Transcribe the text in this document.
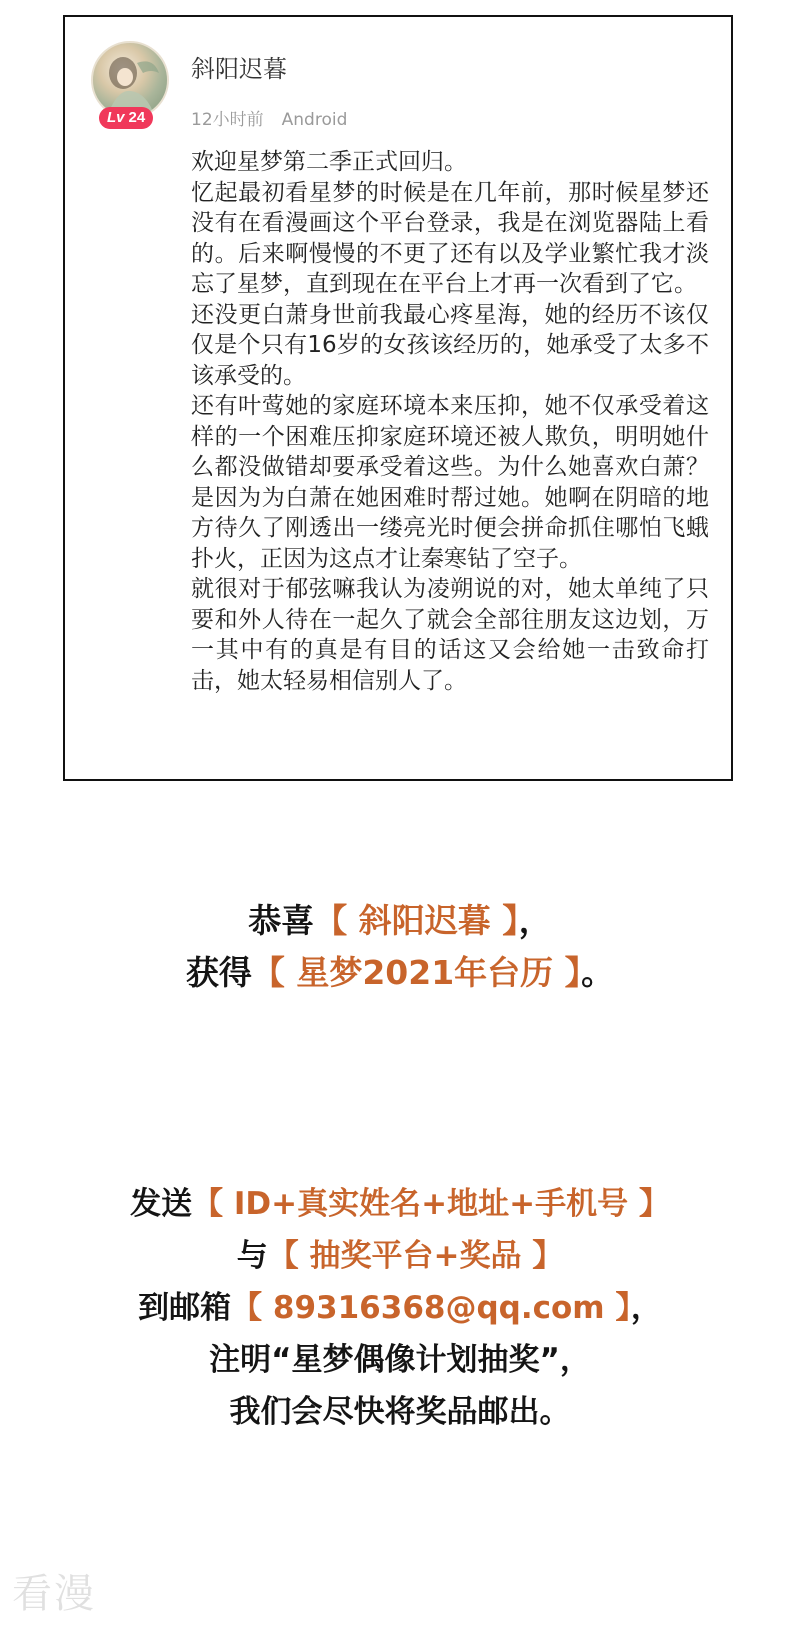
Lv 24
斜阳迟暮
12小时前 Android

欢迎星梦第二季正式回归。

忆起最初看星梦的时候是在几年前，那时候星梦还没有在看漫画这个平台登录，我是在浏览器陆上看的。后来啊慢慢的不更了还有以及学业繁忙我才淡忘了星梦，直到现在在平台上才再一次看到了它。

还没更白萧身世前我最心疼星海，她的经历不该仅仅是个只有16岁的女孩该经历的，她承受了太多不该承受的。

还有叶莺她的家庭环境本来压抑，她不仅承受着这样的一个困难压抑家庭环境还被人欺负，明明她什么都没做错却要承受着这些。为什么她喜欢白萧？是因为为白萧在她困难时帮过她。她啊在阴暗的地方待久了刚透出一缕亮光时便会拼命抓住哪怕飞蛾扑火，正因为这点才让秦寒钻了空子。

就很对于郁弦嘛我认为凌朔说的对，她太单纯了只要和外人待在一起久了就会全部往朋友这边划，万一其中有的真是有目的话这又会给她一击致命打击，她太轻易相信别人了。

恭喜【 斜阳迟暮 】，
获得【 星梦2021年台历 】。
发送【 ID+真实姓名+地址+手机号 】
与【 抽奖平台+奖品 】
到邮箱【 89316368@qq.com 】，
注明“星梦偶像计划抽奖”，
我们会尽快将奖品邮出。
看漫
